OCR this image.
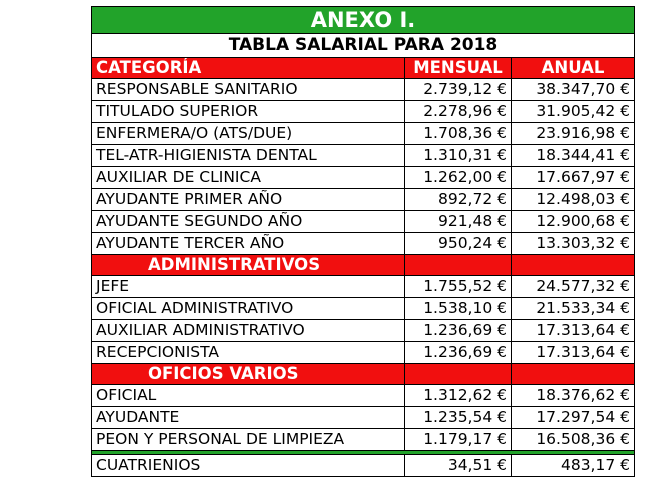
ANEXO I.		
TABLA SALARIAL PARA 2018		
CATEGORÍA	MENSUAL	ANUAL
RESPONSABLE SANITARIO	2.739,12 €	38.347,70 €
TITULADO SUPERIOR	2.278,96 €	31.905,42 €
ENFERMERA/O (ATS/DUE)	1.708,36 €	23.916,98 €
TEL-ATR-HIGIENISTA DENTAL	1.310,31 €	18.344,41 €
AUXILIAR DE CLINICA	1.262,00 €	17.667,97 €
AYUDANTE PRIMER AÑO	892,72 €	12.498,03 €
AYUDANTE SEGUNDO AÑO	921,48 €	12.900,68 €
AYUDANTE TERCER AÑO	950,24 €	13.303,32 €
ADMINISTRATIVOS		
JEFE	1.755,52 €	24.577,32 €
OFICIAL ADMINISTRATIVO	1.538,10 €	21.533,34 €
AUXILIAR ADMINISTRATIVO	1.236,69 €	17.313,64 €
RECEPCIONISTA	1.236,69 €	17.313,64 €
OFICIOS VARIOS		
OFICIAL	1.312,62 €	18.376,62 €
AYUDANTE	1.235,54 €	17.297,54 €
PEON Y PERSONAL DE LIMPIEZA	1.179,17 €	16.508,36 €

CUATRIENIOS	34,51 €	483,17 €
